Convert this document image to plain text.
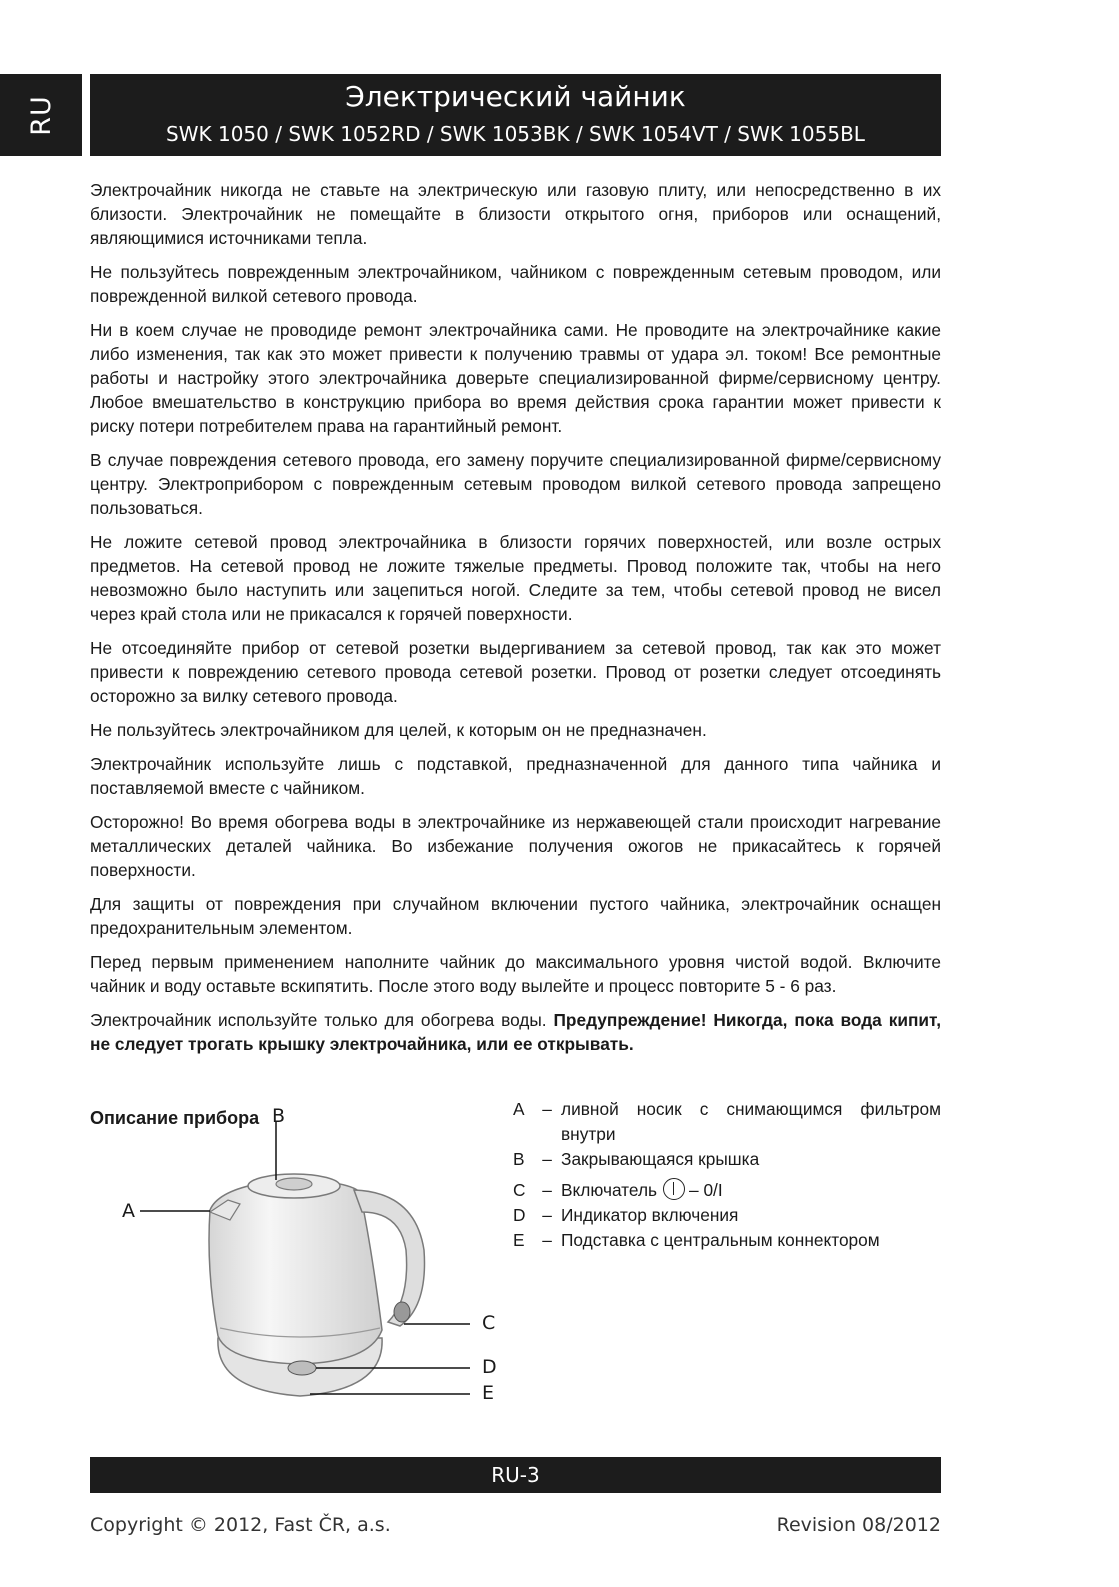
RU	Электрический чайник
SWK 1050 / SWK 1052RD / SWK 1053BK / SWK 1054VT / SWK 1055BL

Электрочайник никогда не ставьте на электрическую или газовую плиту, или непосредственно в их близости. Электрочайник не помещайте в близости открытого огня, приборов или оснащений, являющимися источниками тепла.

Не пользуйтесь поврежденным электрочайником, чайником с поврежденным сетевым проводом, или поврежденной вилкой сетевого провода.

Ни в коем случае не проводиде ремонт электрочайника сами. Не проводите на электрочайнике какие либо изменения, так как это может привести к получению травмы от удара эл. током! Все ремонтные работы и настройку этого электрочайника доверьте специализированной фирме/сервисному центру. Любое вмешательство в конструкцию прибора во время действия срока гарантии может привести к риску потери потребителем права на гарантийный ремонт.

В случае повреждения сетевого провода, его замену поручите специализированной фирме/сервисному центру. Электроприбором с поврежденным сетевым проводом вилкой сетевого провода запрещено пользоваться.

Не ложите сетевой провод электрочайника в близости горячих поверхностей, или возле острых предметов. На сетевой провод не ложите тяжелые предметы. Провод положите так, чтобы на него невозможно было наступить или зацепиться ногой. Следите за тем, чтобы сетевой провод не висел через край стола или не прикасался к горячей поверхности.

Не отсоединяйте прибор от сетевой розетки выдергиванием за сетевой провод, так как это может привести к повреждению сетевого провода сетевой розетки. Провод от розетки следует отсоединять осторожно за вилку сетевого провода.

Не пользуйтесь электрочайником для целей, к которым он не предназначен.

Электрочайник используйте лишь с подставкой, предназначенной для данного типа чайника и поставляемой вместе с чайником.

Осторожно! Во время обогрева воды в электрочайнике из нержавеющей стали происходит нагревание металлических деталей чайника. Во избежание получения ожогов не прикасайтесь к горячей поверхности.

Для защиты от повреждения при случайном включении пустого чайника, электрочайник оснащен предохранительным элементом.

Перед первым применением наполните чайник до максимального уровня чистой водой. Включите чайник и воду оставьте вскипятить. После этого воду вылейте и процесс повторите 5 - 6 раз.

Электрочайник используйте только для обогрева воды. Предупреждение! Никогда, пока вода кипит, не следует трогать крышку электрочайника, или ее открывать.

Описание прибора
A
B
C
D
E
A	– ливной носик с снимающимся фильтром внутри
B	– Закрывающаяся крышка
C – Включатель – 0/I
D – Индикатор включения
E	– Подставка с центральным коннектором
RU-3
Copyright © 2012, Fast ČR, a.s.	Revision 08/2012
